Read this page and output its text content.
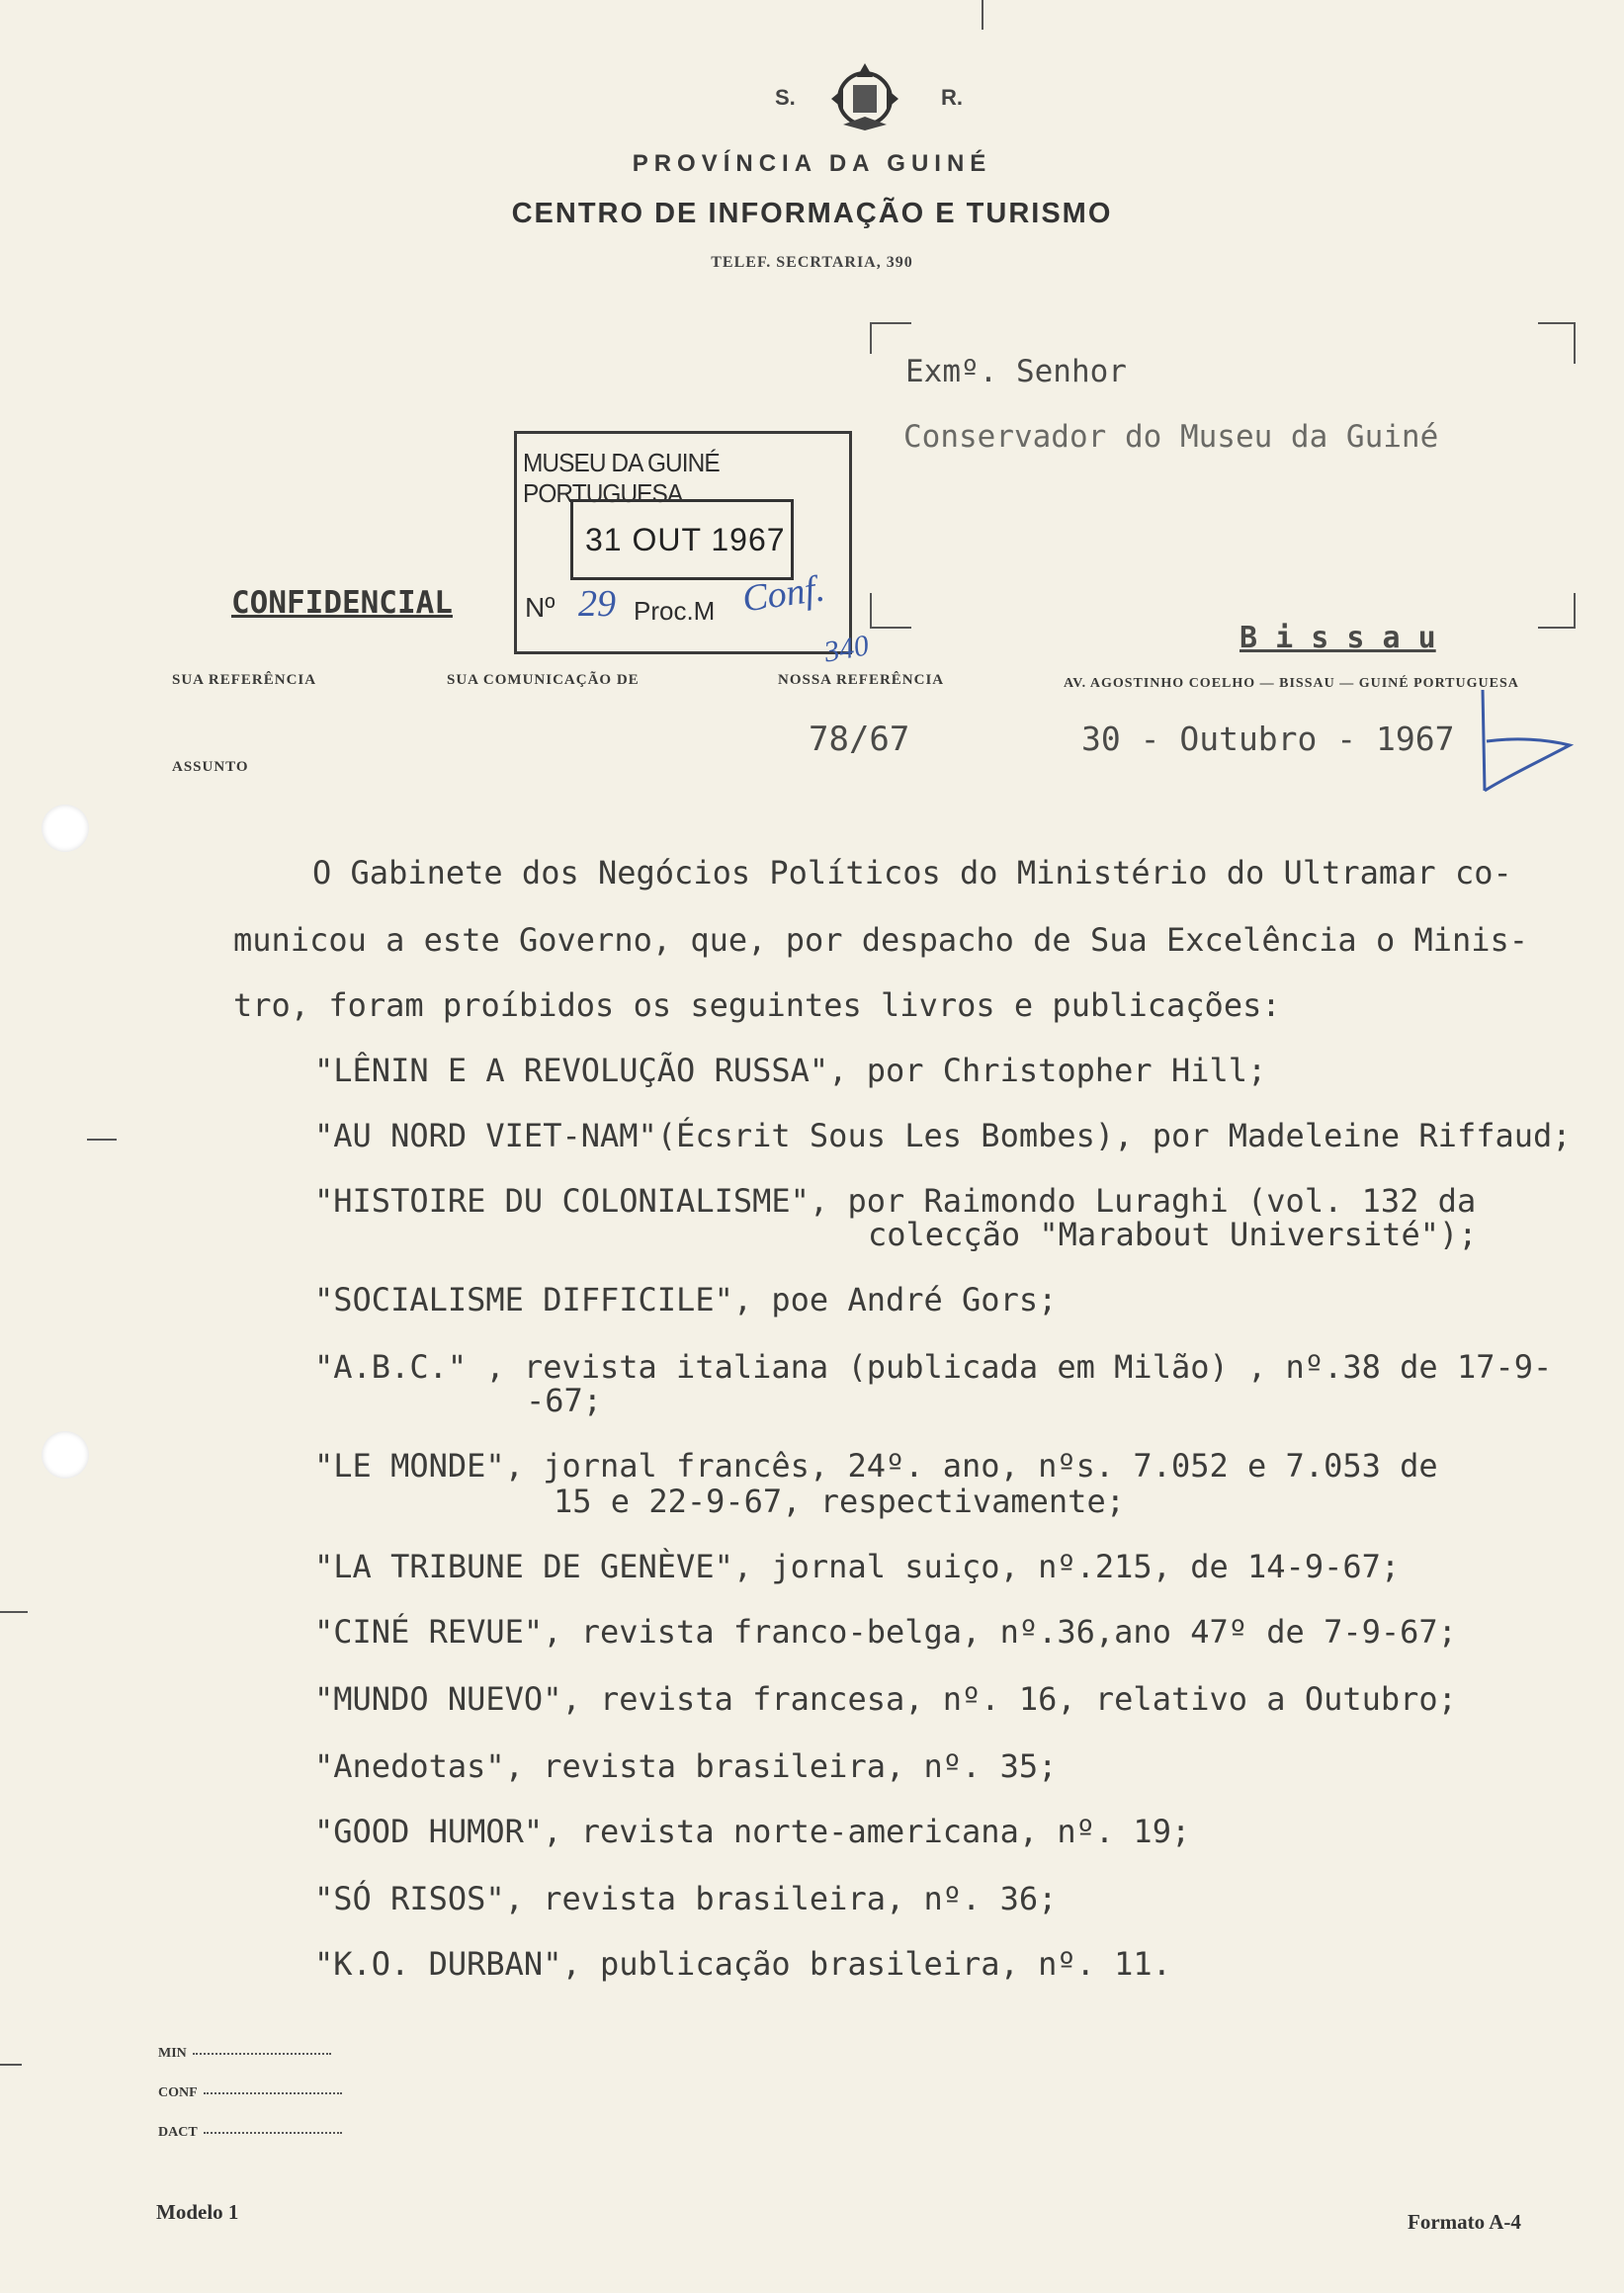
S.	R.
PROVÍNCIA DA GUINÉ
CENTRO DE INFORMAÇÃO E TURISMO
TELEF. SECRTARIA, 390
Exmº. Senhor
Conservador do Museu da Guiné
B i s s a u
MUSEU DA GUINÉ PORTUGUESA
31 OUT 1967
Nº 29 Proc.M Conf.
340
CONFIDENCIAL
SUA REFERÊNCIA	SUA COMUNICAÇÃO DE	NOSSA REFERÊNCIA	AV. AGOSTINHO COELHO — BISSAU — GUINÉ PORTUGUESA
ASSUNTO
78/67	30 - Outubro - 1967
O Gabinete dos Negócios Políticos do Ministério do Ultramar co-
municou a este Governo, que, por despacho de Sua Excelência o Minis-
tro, foram proíbidos os seguintes livros e publicações:
"LÊNIN E A REVOLUÇÃO RUSSA", por Christopher Hill;
"AU NORD VIET-NAM"(Écsrit Sous Les Bombes), por Madeleine Riffaud;
"HISTOIRE DU COLONIALISME", por Raimondo Luraghi (vol. 132 da
colecção "Marabout Université");
"SOCIALISME DIFFICILE", poe André Gors;
"A.B.C." , revista italiana (publicada em Milão) , nº.38 de 17-9-
-67;
"LE MONDE", jornal francês, 24º. ano, nºs. 7.052 e 7.053 de
15 e 22-9-67, respectivamente;
"LA TRIBUNE DE GENÈVE", jornal suiço, nº.215, de 14-9-67;
"CINÉ REVUE", revista franco-belga, nº.36,ano 47º de 7-9-67;
"MUNDO NUEVO", revista francesa, nº. 16, relativo a Outubro;
"Anedotas", revista brasileira, nº. 35;
"GOOD HUMOR", revista norte-americana, nº. 19;
"SÓ RISOS", revista brasileira, nº. 36;
"K.O. DURBAN", publicação brasileira, nº. 11.
MIN
CONF
DACT
Modelo 1	Formato A-4
